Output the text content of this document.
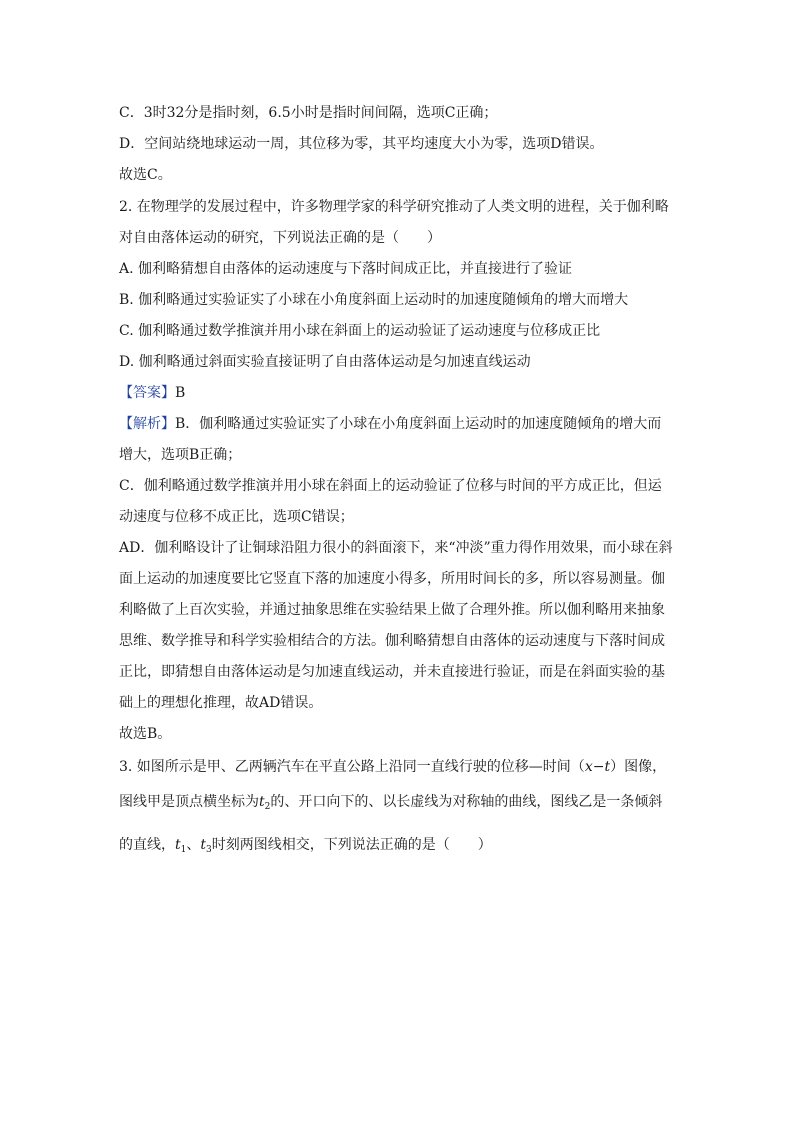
C．3时32分是指时刻，6.5小时是指时间间隔，选项C正确；
D．空间站绕地球运动一周，其位移为零，其平均速度大小为零，选项D错误。
故选C。
2. 在物理学的发展过程中，许多物理学家的科学研究推动了人类文明的进程，关于伽利略
对自由落体运动的研究，下列说法正确的是（　　）
A. 伽利略猜想自由落体的运动速度与下落时间成正比，并直接进行了验证
B. 伽利略通过实验证实了小球在小角度斜面上运动时的加速度随倾角的增大而增大
C. 伽利略通过数学推演并用小球在斜面上的运动验证了运动速度与位移成正比
D. 伽利略通过斜面实验直接证明了自由落体运动是匀加速直线运动
【答案】B
【解析】B．伽利略通过实验证实了小球在小角度斜面上运动时的加速度随倾角的增大而
增大，选项B正确；
C．伽利略通过数学推演并用小球在斜面上的运动验证了位移与时间的平方成正比，但运
动速度与位移不成正比，选项C错误；
AD．伽利略设计了让铜球沿阻力很小的斜面滚下，来“冲淡”重力得作用效果，而小球在斜
面上运动的加速度要比它竖直下落的加速度小得多，所用时间长的多，所以容易测量。伽
利略做了上百次实验，并通过抽象思维在实验结果上做了合理外推。所以伽利略用来抽象
思维、数学推导和科学实验相结合的方法。伽利略猜想自由落体的运动速度与下落时间成
正比，即猜想自由落体运动是匀加速直线运动，并未直接进行验证，而是在斜面实验的基
础上的理想化推理，故AD错误。
故选B。
3. 如图所示是甲、乙两辆汽车在平直公路上沿同一直线行驶的位移—时间（x−t）图像，
图线甲是顶点横坐标为$t_2$的、开口向下的、以长虚线为对称轴的曲线，图线乙是一条倾斜
的直线，$t_1$、$t_3$时刻两图线相交，下列说法正确的是（　　）
